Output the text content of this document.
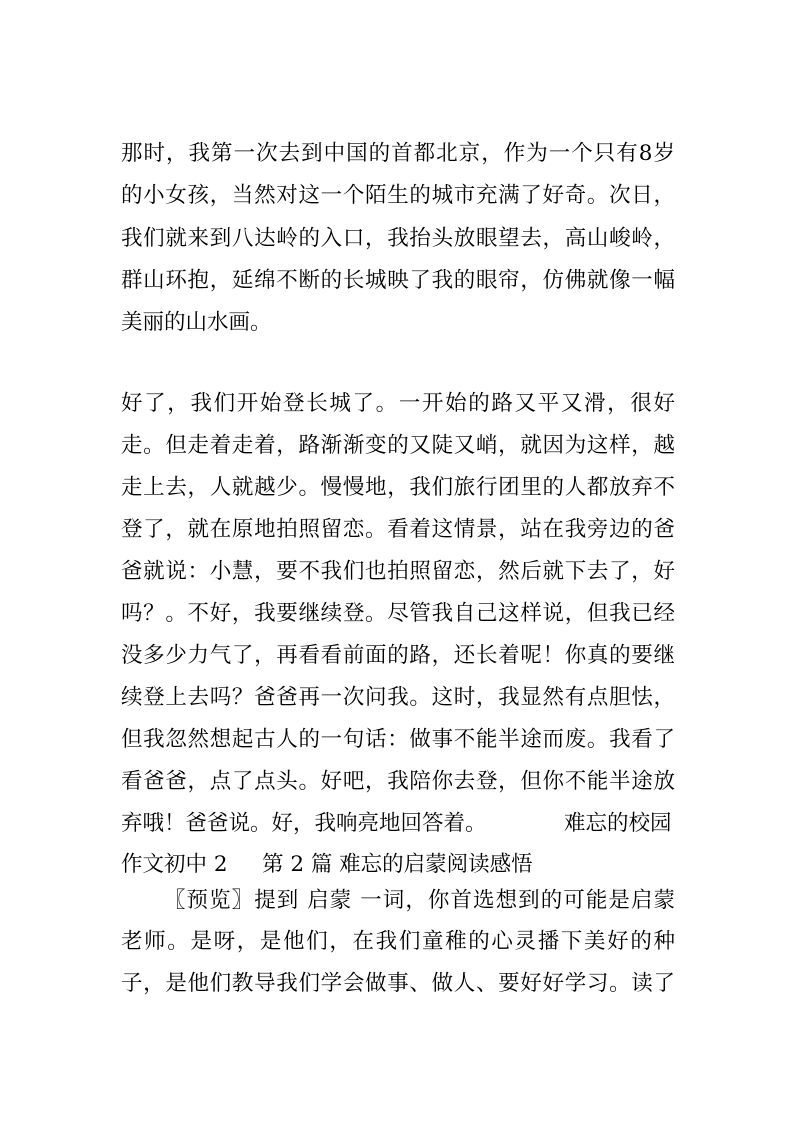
那时，我第一次去到中国的首都北京，作为一个只有8岁
的小女孩，当然对这一个陌生的城市充满了好奇。次日，
我们就来到八达岭的入口，我抬头放眼望去，高山峻岭，
群山环抱，延绵不断的长城映了我的眼帘，仿佛就像一幅
美丽的山水画。
好了，我们开始登长城了。一开始的路又平又滑，很好
走。但走着走着，路渐渐变的又陡又峭，就因为这样，越
走上去，人就越少。慢慢地，我们旅行团里的人都放弃不
登了，就在原地拍照留恋。看着这情景，站在我旁边的爸
爸就说：小慧，要不我们也拍照留恋，然后就下去了，好
吗？。不好，我要继续登。尽管我自己这样说，但我已经
没多少力气了，再看看前面的路，还长着呢！你真的要继
续登上去吗？爸爸再一次问我。这时，我显然有点胆怯，
但我忽然想起古人的一句话：做事不能半途而废。我看了
看爸爸，点了点头。好吧，我陪你去登，但你不能半途放
弃哦！爸爸说。好，我响亮地回答着。	难忘的校园
作文初中 2 第 2 篇 难忘的启蒙阅读感悟
〖预览〗提到 启蒙 一词，你首选想到的可能是启蒙
老师。是呀，是他们，在我们童稚的心灵播下美好的种
子，是他们教导我们学会做事、做人、要好好学习。读了
